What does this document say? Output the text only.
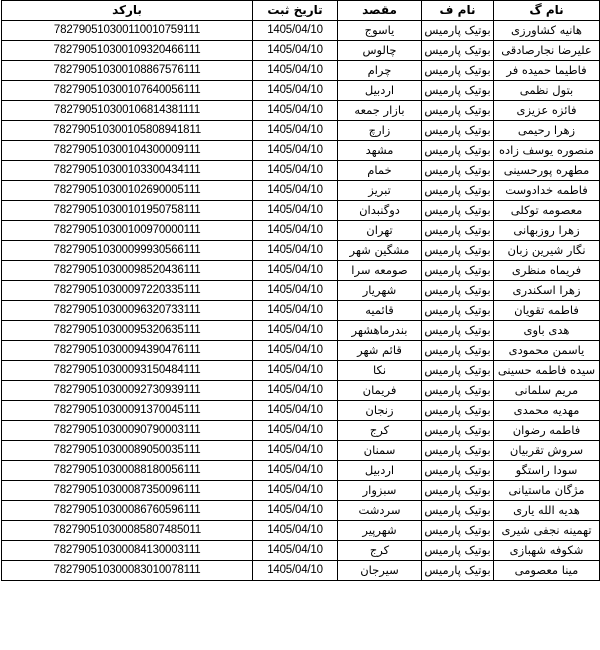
نام گ	نام ف	مقصد	تاریخ ثبت	بارکد
هانیه کشاورزی	بوتیک پارمیس	یاسوج	1405/04/10	782790510300110010759111
علیرضا نجارصادقی	بوتیک پارمیس	چالوس	1405/04/10	782790510300109320466111
فاطیما حمیده فر	بوتیک پارمیس	چرام	1405/04/10	782790510300108867576111
بتول نظمی	بوتیک پارمیس	اردبیل	1405/04/10	782790510300107640056111
فائزه عزیزی	بوتیک پارمیس	بازار جمعه	1405/04/10	782790510300106814381111
زهرا رحیمی	بوتیک پارمیس	زارچ	1405/04/10	782790510300105808941811
منصوره یوسف زاده	بوتیک پارمیس	مشهد	1405/04/10	782790510300104300009111
مطهره پورحسینی	بوتیک پارمیس	خمام	1405/04/10	782790510300103300434111
فاطمه خدادوست	بوتیک پارمیس	تبریز	1405/04/10	782790510300102690005111
معصومه توکلی	بوتیک پارمیس	دوگنبدان	1405/04/10	782790510300101950758111
زهرا روزبهانی	بوتیک پارمیس	تهران	1405/04/10	782790510300100970000111
نگار شیرین زبان	بوتیک پارمیس	مشگین شهر	1405/04/10	782790510300099930566111
فریماه منظری	بوتیک پارمیس	صومعه سرا	1405/04/10	782790510300098520436111
زهرا اسکندری	بوتیک پارمیس	شهریار	1405/04/10	782790510300097220335111
فاطمه تقویان	بوتیک پارمیس	قائمیه	1405/04/10	782790510300096320733111
هدی باوی	بوتیک پارمیس	بندرماهشهر	1405/04/10	782790510300095320635111
یاسمن محمودی	بوتیک پارمیس	قائم شهر	1405/04/10	782790510300094390476111
سیده فاطمه حسینی	بوتیک پارمیس	نکا	1405/04/10	782790510300093150484111
مریم سلمانی	بوتیک پارمیس	فریمان	1405/04/10	782790510300092730939111
مهدیه محمدی	بوتیک پارمیس	زنجان	1405/04/10	782790510300091370045111
فاطمه رضوان	بوتیک پارمیس	کرج	1405/04/10	782790510300090790003111
سروش تقربیان	بوتیک پارمیس	سمنان	1405/04/10	782790510300089050035111
سودا راستگو	بوتیک پارمیس	اردبیل	1405/04/10	782790510300088180056111
مژگان ماستیانی	بوتیک پارمیس	سبزوار	1405/04/10	782790510300087350096111
هدیه الله یاری	بوتیک پارمیس	سردشت	1405/04/10	782790510300086760596111
تهمینه نجفی شیری	بوتیک پارمیس	شهرپیر	1405/04/10	782790510300085807485011
شکوفه شهبازی	بوتیک پارمیس	کرج	1405/04/10	782790510300084130003111
مینا معصومی	بوتیک پارمیس	سیرجان	1405/04/10	782790510300083010078111
